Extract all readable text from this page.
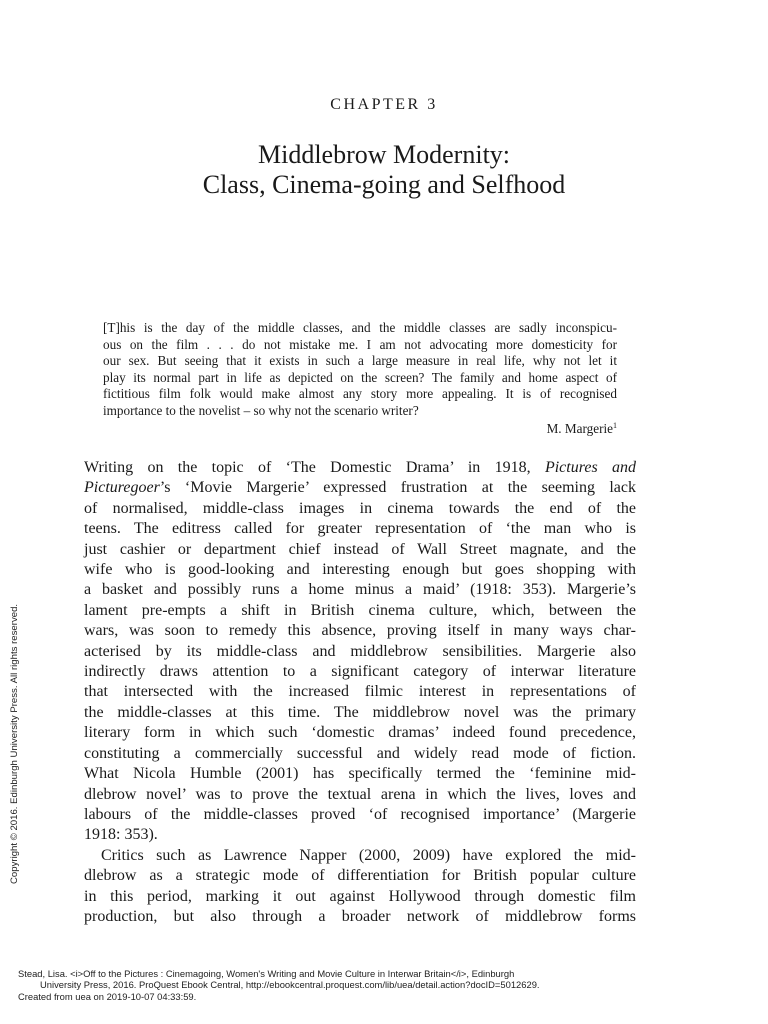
CHAPTER 3
Middlebrow Modernity:
Class, Cinema-going and Selfhood
[T]his is the day of the middle classes, and the middle classes are sadly inconspicu-
ous on the film . . . do not mistake me. I am not advocating more domesticity for
our sex. But seeing that it exists in such a large measure in real life, why not let it
play its normal part in life as depicted on the screen? The family and home aspect of
fictitious film folk would make almost any story more appealing. It is of recognised
importance to the novelist – so why not the scenario writer?
M. Margerie$^1$
Writing on the topic of ‘The Domestic Drama’ in 1918, Pictures and
Picturegoer’s ‘Movie Margerie’ expressed frustration at the seeming lack
of normalised, middle-class images in cinema towards the end of the
teens. The editress called for greater representation of ‘the man who is
just cashier or department chief instead of Wall Street magnate, and the
wife who is good-looking and interesting enough but goes shopping with
a basket and possibly runs a home minus a maid’ (1918: 353). Margerie’s
lament pre-empts a shift in British cinema culture, which, between the
wars, was soon to remedy this absence, proving itself in many ways char-
acterised by its middle-class and middlebrow sensibilities. Margerie also
indirectly draws attention to a significant category of interwar literature
that intersected with the increased filmic interest in representations of
the middle-classes at this time. The middlebrow novel was the primary
literary form in which such ‘domestic dramas’ indeed found precedence,
constituting a commercially successful and widely read mode of fiction.
What Nicola Humble (2001) has specifically termed the ‘feminine mid-
dlebrow novel’ was to prove the textual arena in which the lives, loves and
labours of the middle-classes proved ‘of recognised importance’ (Margerie
1918: 353).
Critics such as Lawrence Napper (2000, 2009) have explored the mid-
dlebrow as a strategic mode of differentiation for British popular culture
in this period, marking it out against Hollywood through domestic film
production, but also through a broader network of middlebrow forms
Copyright © 2016. Edinburgh University Press. All rights reserved.
Stead, Lisa. <i>Off to the Pictures : Cinemagoing, Women's Writing and Movie Culture in Interwar Britain</i>, Edinburgh
University Press, 2016. ProQuest Ebook Central, http://ebookcentral.proquest.com/lib/uea/detail.action?docID=5012629.
Created from uea on 2019-10-07 04:33:59.
